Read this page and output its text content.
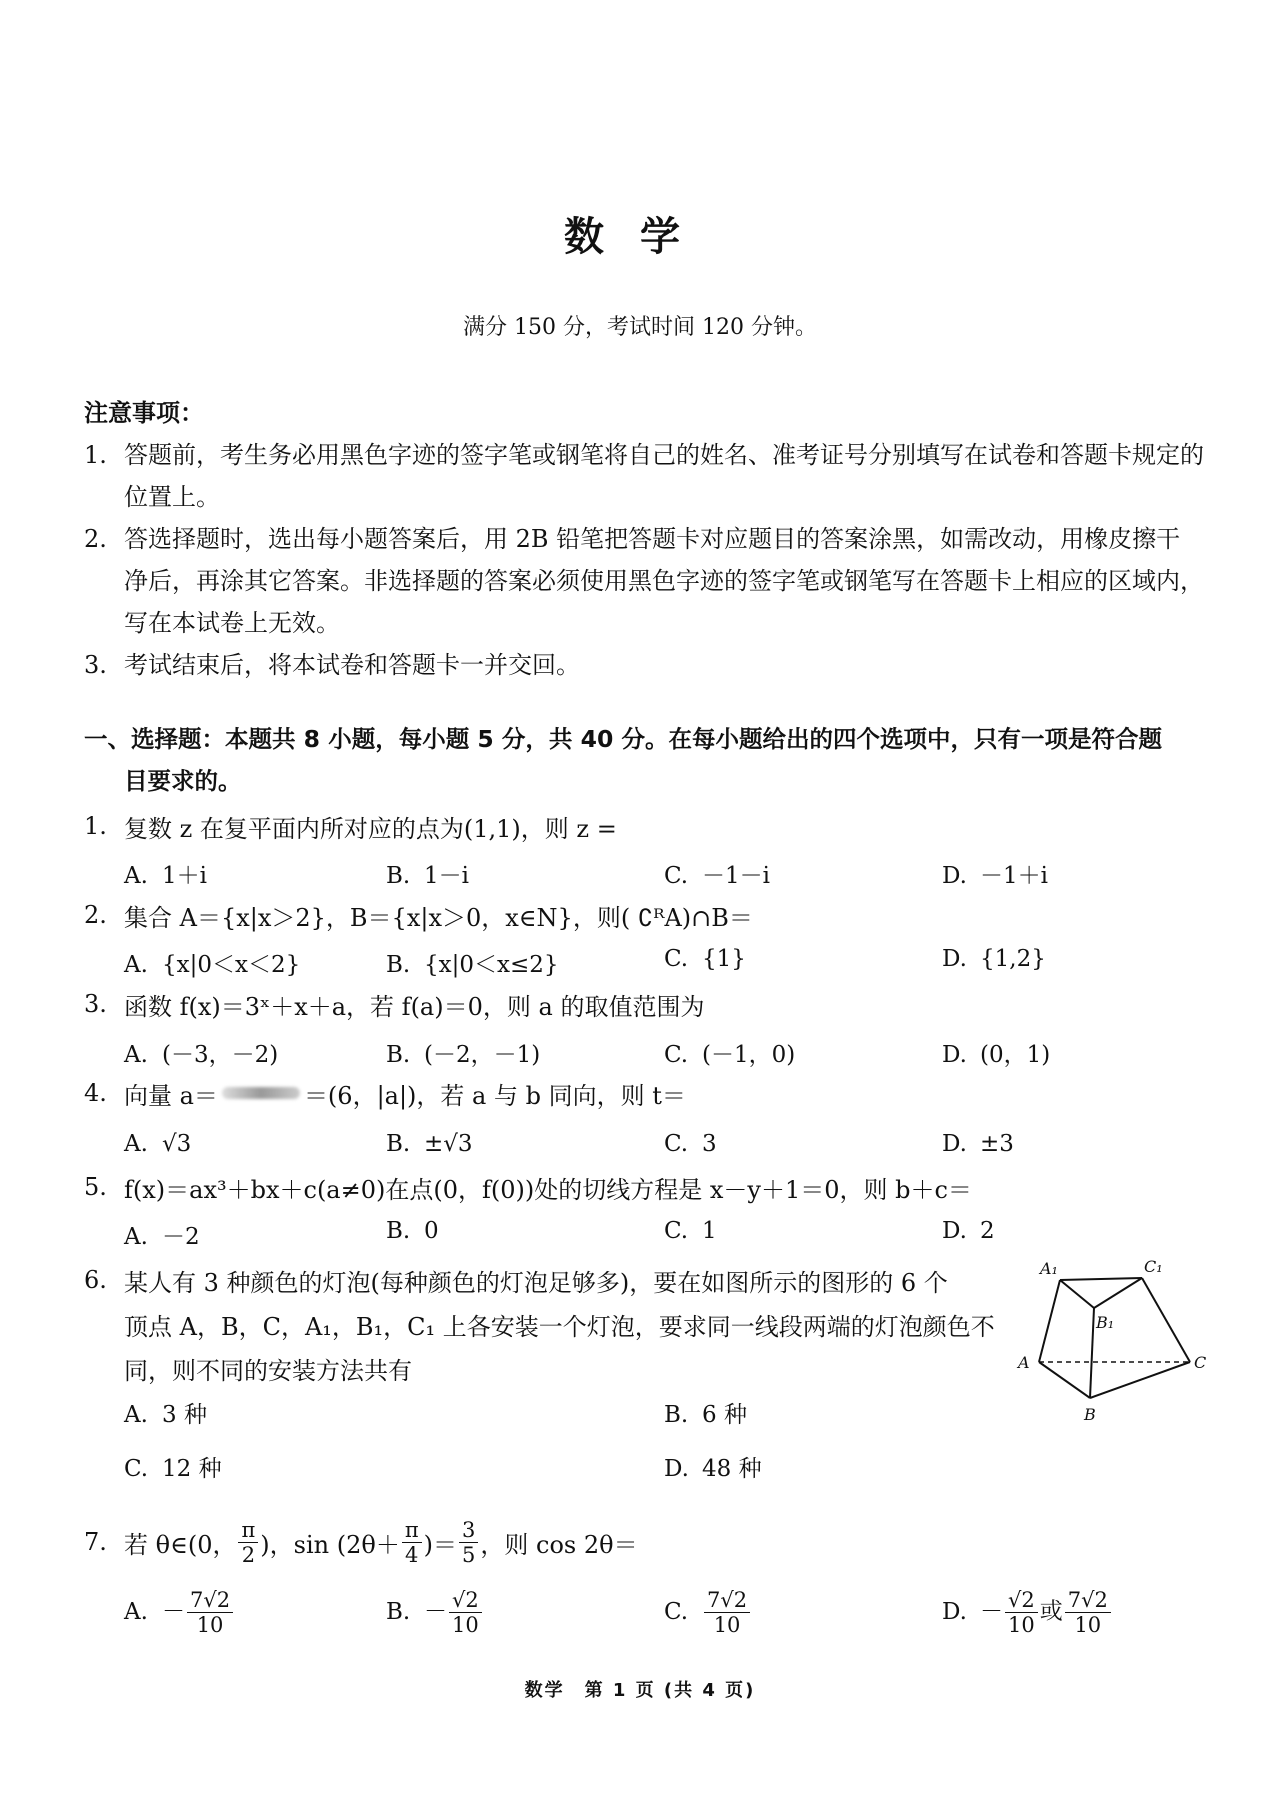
数学
满分 150 分，考试时间 120 分钟。
注意事项：
1. 答题前，考生务必用黑色字迹的签字笔或钢笔将自己的姓名、准考证号分别填写在试卷和答题卡规定的位置上。
2. 答选择题时，选出每小题答案后，用 2B 铅笔把答题卡对应题目的答案涂黑，如需改动，用橡皮擦干净后，再涂其它答案。非选择题的答案必须使用黑色字迹的签字笔或钢笔写在答题卡上相应的区域内，写在本试卷上无效。
3. 考试结束后，将本试卷和答题卡一并交回。
一、选择题：本题共 8 小题，每小题 5 分，共 40 分。在每小题给出的四个选项中，只有一项是符合题
目要求的。
1. 复数 z 在复平面内所对应的点为(1,1)，则 z =
A. 1＋i	B. 1－i	C. －1－i	D. －1＋i
2. 集合 A＝{x|x＞2}，B＝{x|x＞0，x∈N}，则( ∁ᴿA)∩B＝
A. {x|0＜x＜2}	B. {x|0＜x≤2}	C. {1}	D. {1,2}
3. 函数 f(x)＝3ˣ＋x＋a，若 f(a)＝0，则 a 的取值范围为
A. (－3，－2)	B. (－2，－1)	C. (－1，0)	D. (0，1)
4. 向量 a＝	＝(6，|a|)，若 a 与 b 同向，则 t＝
A. √3	B. ±√3	C. 3	D. ±3
5. f(x)＝ax³＋bx＋c(a≠0)在点(0，f(0))处的切线方程是 x－y＋1＝0，则 b＋c＝
A. －2	B. 0	C. 1	D. 2
6. 某人有 3 种颜色的灯泡(每种颜色的灯泡足够多)，要在如图所示的图形的 6 个
顶点 A，B，C，A₁，B₁，C₁ 上各安装一个灯泡，要求同一线段两端的灯泡颜色不
同，则不同的安装方法共有
A. 3 种	B. 6 种
C. 12 种	D. 48 种
A₁	C₁
B₁
A	C
B
7. 若 θ∈(0， $\frac{\pi}{2}$ )，$\sin (2\theta+ \frac{\pi}{4}$ )＝ $\frac{3}{5}$ ，则 cos 2θ＝
A. － $\frac{7√2}{10}$	B. － $\frac{√2}{10}$	C. $\frac{7√2}{10}$	D. － $\frac{√2}{10}$ 或 $\frac{7√2}{10}$
数学　第 1 页 (共 4 页)
